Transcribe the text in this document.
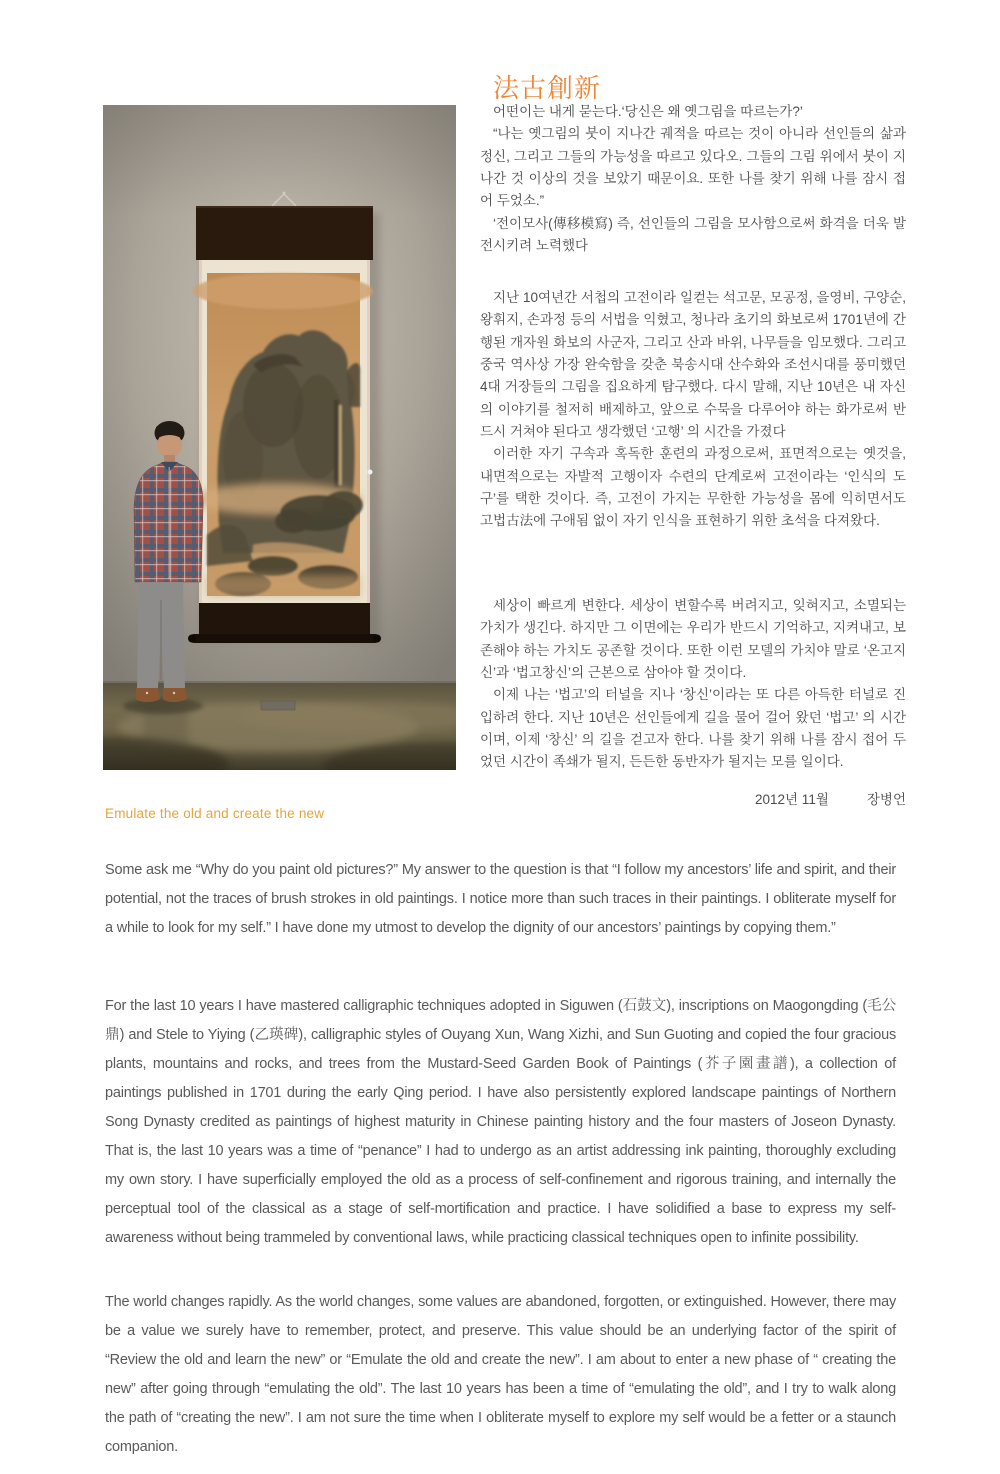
法古創新

어떤이는 내게 묻는다.‘당신은 왜 옛그림을 따르는가?’

“나는 옛그림의 붓이 지나간 궤적을 따르는 것이 아니라 선인들의 삶과 정신, 그리고 그들의 가능성을 따르고 있다오. 그들의 그림 위에서 붓이 지나간 것 이상의 것을 보았기 때문이요. 또한 나를 찾기 위해 나를 잠시 접어 두었소.”

‘전이모사(傳移模寫) 즉, 선인들의 그림을 모사함으로써 화격을 더욱 발전시키려 노력했다

지난 10여년간 서첩의 고전이라 일컫는 석고문, 모공정, 을영비, 구양순, 왕휘지, 손과정 등의 서법을 익혔고, 청나라 초기의 화보로써 1701년에 간행된 개자원 화보의 사군자, 그리고 산과 바위, 나무들을 임모했다. 그리고 중국 역사상 가장 완숙함을 갖춘 북송시대 산수화와 조선시대를 풍미했던 4대 거장들의 그림을 집요하게 탐구했다. 다시 말해, 지난 10년은 내 자신의 이야기를 철저히 배제하고, 앞으로 수묵을 다루어야 하는 화가로써 반드시 거쳐야 된다고 생각했던 ‘고행’ 의 시간을 가졌다

이러한 자기 구속과 혹독한 훈련의 과정으로써, 표면적으로는 옛것을, 내면적으로는 자발적 고행이자 수련의 단계로써 고전이라는 ‘인식의 도구’를 택한 것이다. 즉, 고전이 가지는 무한한 가능성을 몸에 익히면서도 고법古法에 구애됨 없이 자기 인식을 표현하기 위한 초석을 다져왔다.

세상이 빠르게 변한다. 세상이 변할수록 버려지고, 잊혀지고, 소멸되는 가치가 생긴다. 하지만 그 이면에는 우리가 반드시 기억하고, 지켜내고, 보존해야 하는 가치도 공존할 것이다. 또한 이런 모델의 가치야 말로 ‘온고지신’과 ‘법고창신’의 근본으로 삼아야 할 것이다.

이제 나는 ‘법고’의 터널을 지나 ‘창신’이라는 또 다른 아득한 터널로 진입하려 한다. 지난 10년은 선인들에게 길을 물어 걸어 왔던 ‘법고’ 의 시간이며, 이제 ‘창신’ 의 길을 걷고자 한다. 나를 찾기 위해 나를 잠시 접어 두었던 시간이 족쇄가 될지, 든든한 동반자가 될지는 모를 일이다.

2012년 11월	장병언
Emulate the old and create the new

Some ask me “Why do you paint old pictures?” My answer to the question is that “I follow my ancestors’ life and spirit, and their potential, not the traces of brush strokes in old paintings. I notice more than such traces in their paintings. I obliterate myself for a while to look for my self.” I have done my utmost to develop the dignity of our ancestors’ paintings by copying them.”

For the last 10 years I have mastered calligraphic techniques adopted in Siguwen (石鼓文), inscriptions on Maogongding (毛公鼎) and Stele to Yiying (乙瑛碑), calligraphic styles of Ouyang Xun, Wang Xizhi, and Sun Guoting and copied the four gracious plants, mountains and rocks, and trees from the Mustard-Seed Garden Book of Paintings (芥子園畫譜), a collection of paintings published in 1701 during the early Qing period. I have also persistently explored landscape paintings of Northern Song Dynasty credited as paintings of highest maturity in Chinese painting history and the four masters of Joseon Dynasty. That is, the last 10 years was a time of “penance” I had to undergo as an artist addressing ink painting, thoroughly excluding my own story. I have superficially employed the old as a process of self-confinement and rigorous training, and internally the perceptual tool of the classical as a stage of self-mortification and practice. I have solidified a base to express my self-awareness without being trammeled by conventional laws, while practicing classical techniques open to infinite possibility.

The world changes rapidly. As the world changes, some values are abandoned, forgotten, or extinguished. However, there may be a value we surely have to remember, protect, and preserve. This value should be an underlying factor of the spirit of “Review the old and learn the new” or “Emulate the old and create the new”. I am about to enter a new phase of “ creating the new” after going through “emulating the old”. The last 10 years has been a time of “emulating the old”, and I try to walk along the path of “creating the new”. I am not sure the time when I obliterate myself to explore my self would be a fetter or a staunch companion.
